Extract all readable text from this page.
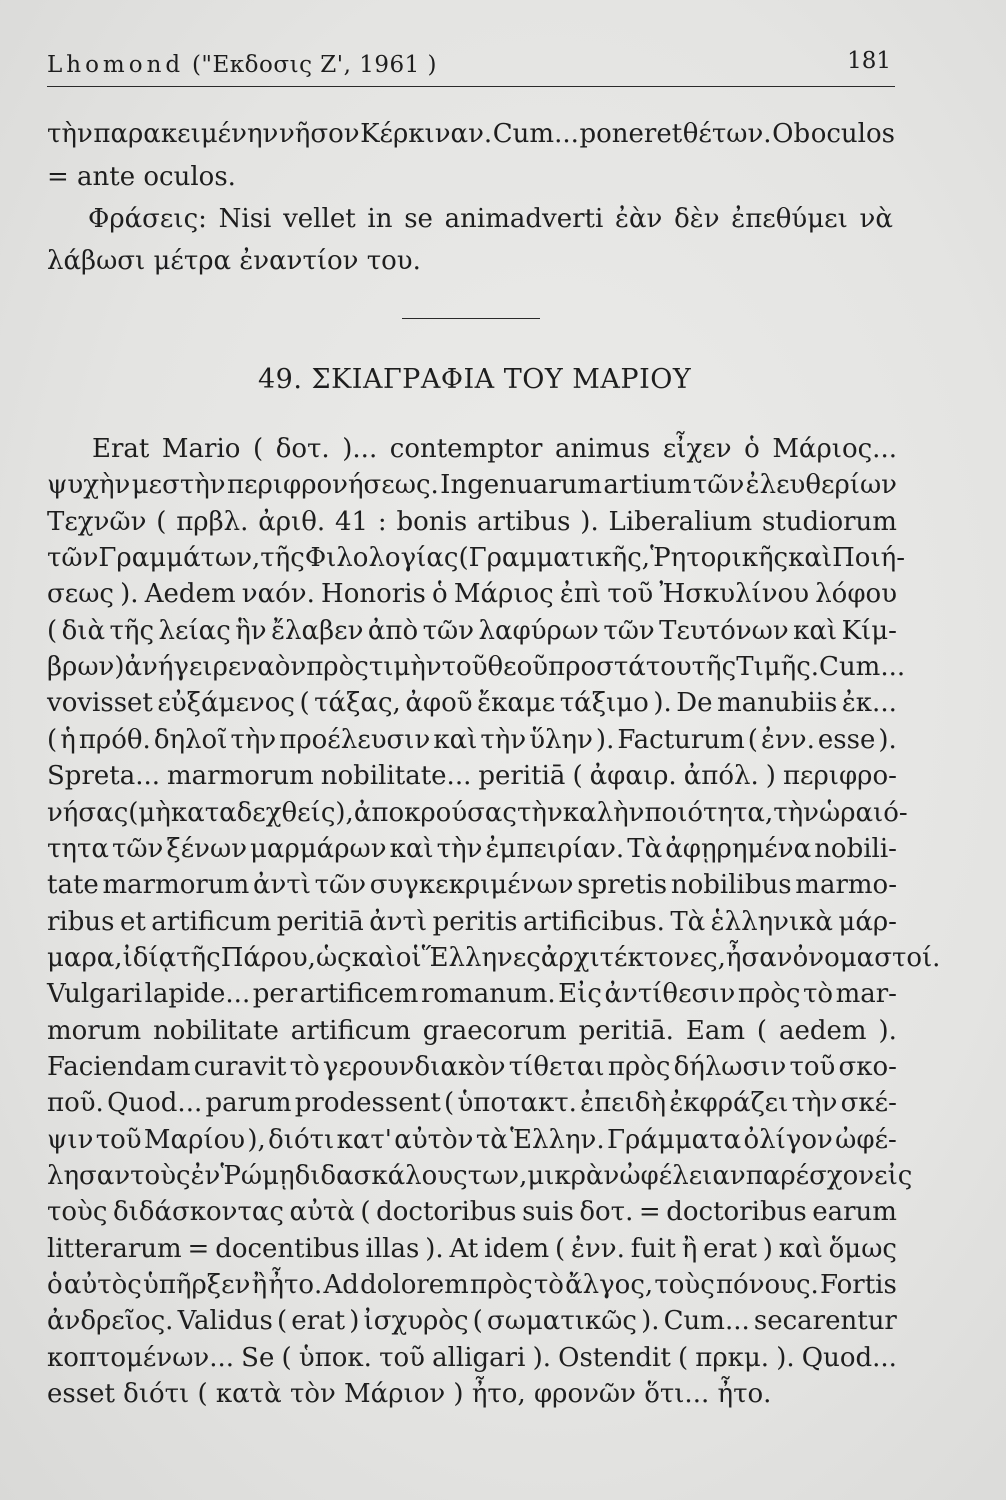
Lhomond ("Εκδοσις Ζ', 1961 )	181
τὴν παρακειμένην νῆσον Κέρκιναν. Cum... poneret θέτων. Ob oculos
= ante oculos.
Φράσεις: Nisi vellet in se animadverti ἐὰν δὲν ἐπεθύμει νὰ
λάβωσι μέτρα ἐναντίον του.
49. ΣΚΙΑΓΡΑΦΙΑ ΤΟΥ ΜΑΡΙΟΥ
Erat Mario ( δοτ. )... contemptor animus εἶχεν ὁ Μάριος...
ψυχὴν μεστὴν περιφρονήσεως. Ingenuarum artium τῶν ἐλευθερίων
Τεχνῶν ( πρβλ. ἀριθ. 41 : bonis artibus ). Liberalium studiorum
τῶν Γραμμάτων, τῆς Φιλολογίας ( Γραμματικῆς, Ῥητορικῆς καὶ Ποιή-
σεως ). Aedem ναόν. Honoris ὁ Μάριος ἐπὶ τοῦ Ἠσκυλίνου λόφου
( διὰ τῆς λείας ἣν ἔλαβεν ἀπὸ τῶν λαφύρων τῶν Τευτόνων καὶ Κίμ-
βρων ) ἀνήγειρε ναὸν πρὸς τιμὴν τοῦ θεοῦ προστάτου τῆς Τιμῆς. Cum...
vovisset εὐξάμενος ( τάξας, ἀφοῦ ἔκαμε τάξιμο ). De manubiis ἐκ...
( ἡ πρόθ. δηλοῖ τὴν προέλευσιν καὶ τὴν ὕλην ). Facturum ( ἐνν. esse ).
Spreta... marmorum nobilitate... peritiā ( ἀφαιρ. ἀπόλ. ) περιφρο-
νήσας ( μὴ καταδεχθείς ), ἀποκρούσας τὴν καλὴν ποιότητα, τὴν ὡραιό-
τητα τῶν ξένων μαρμάρων καὶ τὴν ἐμπειρίαν. Τὰ ἀφῃρημένα nobili-
tate marmorum ἀντὶ τῶν συγκεκριμένων spretis nobilibus marmo-
ribus et artificum peritiā ἀντὶ peritis artificibus. Τὰ ἑλληνικὰ μάρ-
μαρα, ἰδίᾳ τῆς Πάρου, ὡς καὶ οἱ Ἕλληνες ἀρχιτέκτονες, ἦσαν ὀνομαστοί.
Vulgari lapide... per artificem romanum. Εἰς ἀντίθεσιν πρὸς τὸ mar-
morum nobilitate artificum graecorum peritiā. Eam ( aedem ).
Faciendam curavit τὸ γερουνδιακὸν τίθεται πρὸς δήλωσιν τοῦ σκο-
ποῦ. Quod... parum prodessent ( ὑποτακτ. ἐπειδὴ ἐκφράζει τὴν σκέ-
ψιν τοῦ Μαρίου ), διότι κατ' αὐτὸν τὰ Ἑλλην. Γράμματα ὀλίγον ὠφέ-
λησαν τοὺς ἐν Ῥώμῃ διδασκάλους των, μικρὰν ὠφέλειαν παρέσχον εἰς
τοὺς διδάσκοντας αὐτὰ ( doctoribus suis δοτ. = doctoribus earum
litterarum = docentibus illas ). At idem ( ἐνν. fuit ἢ erat ) καὶ ὅμως
ὁ αὐτὸς ὑπῆρξεν ἢ ἦτο. Ad dolorem πρὸς τὸ ἄλγος, τοὺς πόνους. Fortis
ἀνδρεῖος. Validus ( erat ) ἰσχυρὸς ( σωματικῶς ). Cum... secarentur
κοπτομένων... Se ( ὑποκ. τοῦ alligari ). Ostendit ( πρκμ. ). Quod...
esset διότι ( κατὰ τὸν Μάριον ) ἦτο, φρονῶν ὅτι... ἦτο.
